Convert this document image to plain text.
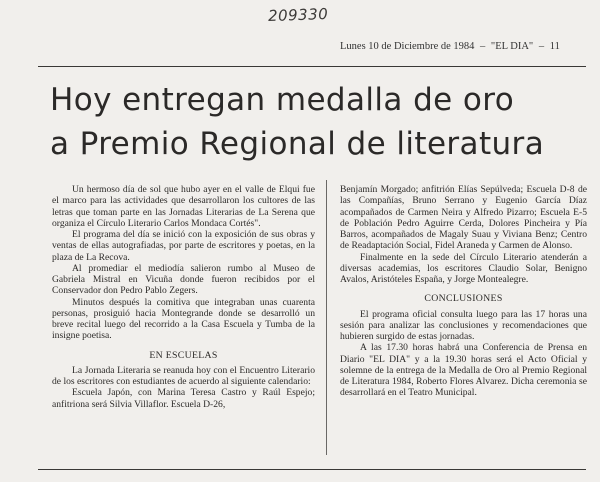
209330
Lunes 10 de Diciembre de 1984 – "EL DIA" – 11
Hoy entregan medalla de oro
a Premio Regional de literatura

Un hermoso día de sol que hubo ayer en el valle de Elqui fue el marco para las actividades que desarrollaron los cultores de las letras que toman parte en las Jornadas Literarias de La Serena que organiza el Círculo Literario Carlos Mondaca Cortés".

El programa del día se inició con la exposición de sus obras y ventas de ellas autografiadas, por parte de escritores y poetas, en la plaza de La Recova.

Al promediar el mediodía salieron rumbo al Museo de Gabriela Mistral en Vicuña donde fueron recibidos por el Conservador don Pedro Pablo Zegers.

Minutos después la comitiva que integraban unas cuarenta personas, prosiguió hacia Montegrande donde se desarrolló un breve recital luego del recorrido a la Casa Escuela y Tumba de la insigne poetisa.

EN ESCUELAS

La Jornada Literaria se reanuda hoy con el Encuentro Literario de los escritores con estudiantes de acuerdo al siguiente calendario:

Escuela Japón, con Marina Teresa Castro y Raúl Espejo; anfitriona será Silvia Villaflor. Escuela D-26,

Benjamín Morgado; anfitrión Elías Sepúlveda; Escuela D-8 de las Compañías, Bruno Serrano y Eugenio García Díaz acompañados de Carmen Neira y Alfredo Pizarro; Escuela E-5 de Población Pedro Aguirre Cerda, Dolores Pincheira y Pía Barros, acompañados de Magaly Suau y Viviana Benz; Centro de Readaptación Social, Fidel Araneda y Carmen de Alonso.

Finalmente en la sede del Círculo Literario atenderán a diversas academias, los escritores Claudio Solar, Benigno Avalos, Aristóteles España, y Jorge Montealegre.

CONCLUSIONES

El programa oficial consulta luego para las 17 horas una sesión para analizar las conclusiones y recomendaciones que hubieren surgido de estas jornadas.

A las 17.30 horas habrá una Conferencia de Prensa en Diario "EL DIA" y a la 19.30 horas será el Acto Oficial y solemne de la entrega de la Medalla de Oro al Premio Regional de Literatura 1984, Roberto Flores Alvarez. Dicha ceremonia se desarrollará en el Teatro Municipal.
